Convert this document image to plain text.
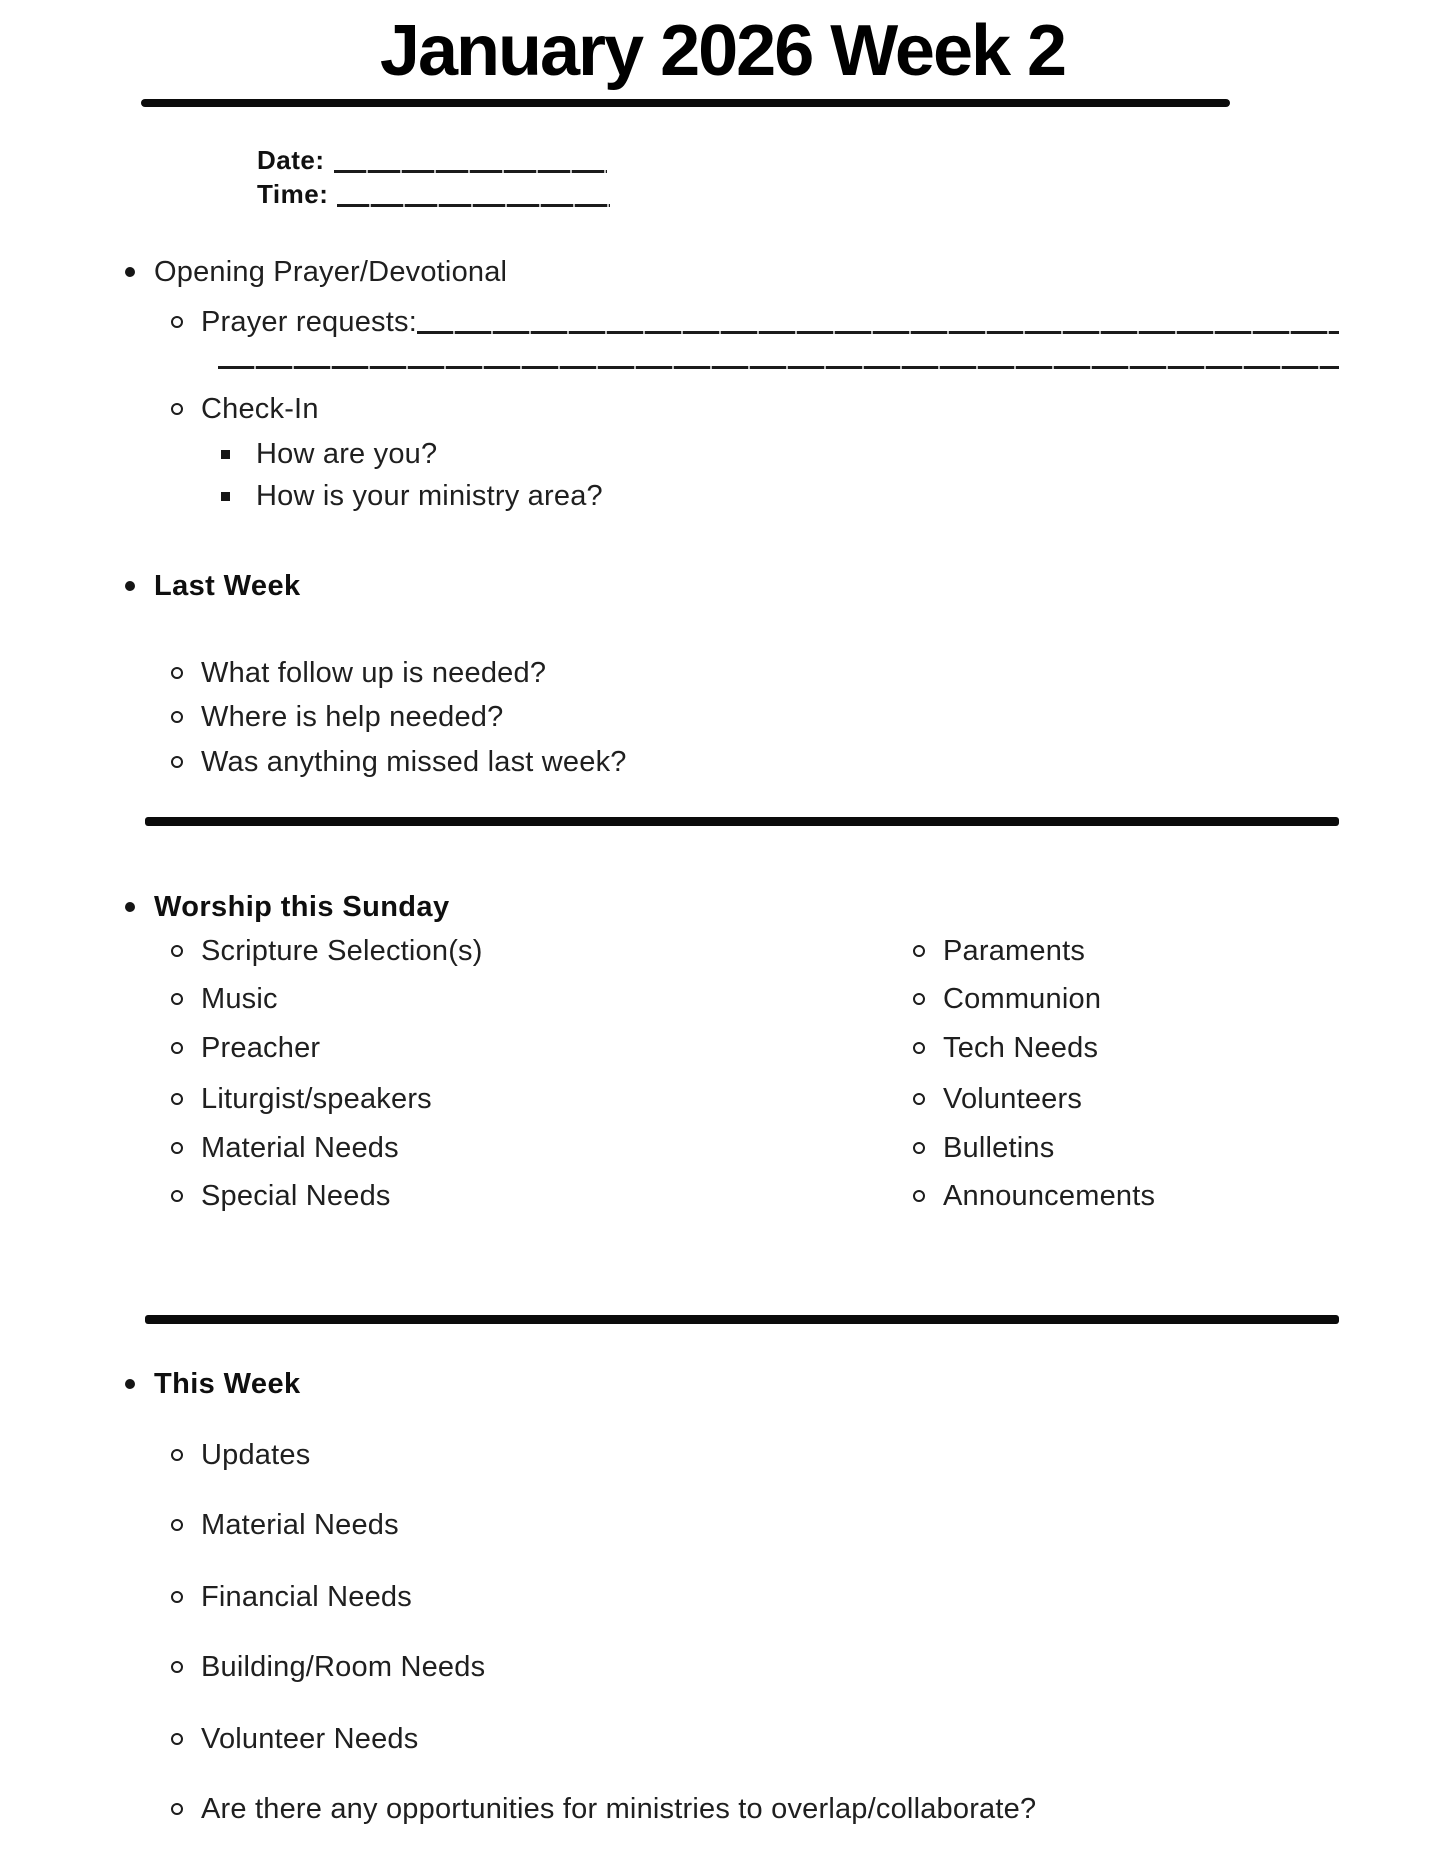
January 2026 Week 2
Date:
Time:
Opening Prayer/Devotional
Prayer requests:
Check-In
How are you?
How is your ministry area?
Last Week
What follow up is needed?
Where is help needed?
Was anything missed last week?
Worship this Sunday
Scripture Selection(s)
Music
Preacher
Liturgist/speakers
Material Needs
Special Needs
Paraments
Communion
Tech Needs
Volunteers
Bulletins
Announcements
This Week
Updates
Material Needs
Financial Needs
Building/Room Needs
Volunteer Needs
Are there any opportunities for ministries to overlap/collaborate?
